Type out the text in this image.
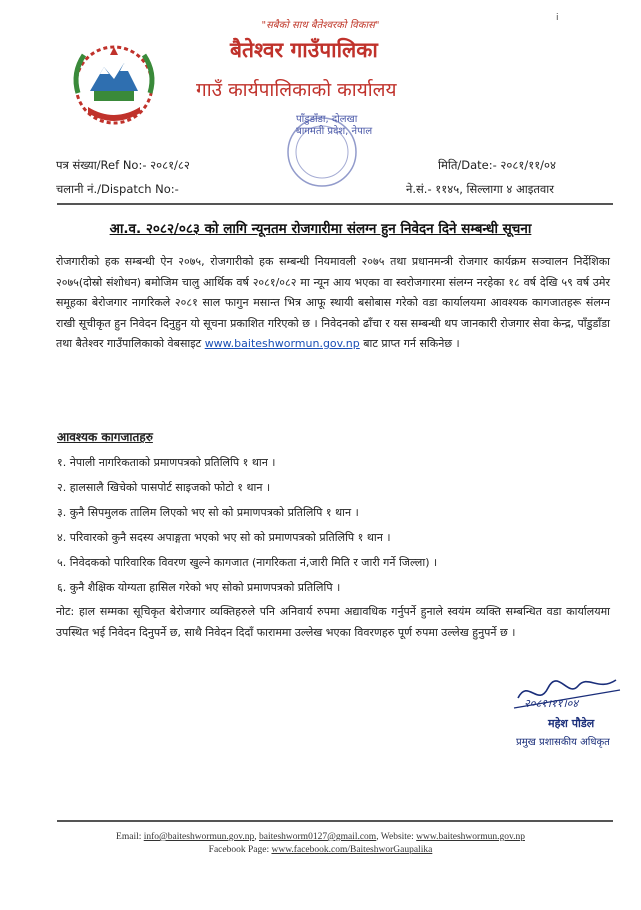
"सबैको साथ बैतेश्वरको विकास"
i
बैतेश्वर गाउँपालिका
गाउँ कार्यपालिकाको कार्यालय
पाँडुडाँडा, दोलखा
बागमती प्रदेश, नेपाल
पत्र संख्या/Ref No:- २०८१/८२	मिति/Date:- २०८१/११/०४
चलानी नं./Dispatch No:-	ने.सं.- ११४५, सिल्लागा ४ आइतवार
आ.व. २०८२/०८३ को लागि न्यूनतम रोजगारीमा संलग्न हुन निवेदन दिने सम्बन्धी सूचना
रोजगारीको हक सम्बन्धी ऐन २०७५, रोजगारीको हक सम्बन्धी नियमावली २०७५ तथा प्रधानमन्त्री रोजगार कार्यक्रम सञ्चालन निर्देशिका २०७५(दोस्रो संशोधन) बमोजिम चालु आर्थिक वर्ष २०८१/०८२ मा न्यून आय भएका वा स्वरोजगारमा संलग्न नरहेका १८ वर्ष देखि ५९ वर्ष उमेर समूहका बेरोजगार नागरिकले २०८१ साल फागुन मसान्त भित्र आफू स्थायी बसोबास गरेको वडा कार्यालयमा आवश्यक कागजातहरू संलग्न राखी सूचीकृत हुन निवेदन दिनुहुन यो सूचना प्रकाशित गरिएको छ । निवेदनको ढाँचा र यस सम्बन्धी थप जानकारी रोजगार सेवा केन्द्र, पाँडुडाँडा तथा बैतेश्वर गाउँपालिकाको वेबसाइट www.baiteshwormun.gov.np बाट प्राप्त गर्न सकिनेछ ।
आवश्यक कागजातहरु
१. नेपाली नागरिकताको प्रमाणपत्रको प्रतिलिपि १ थान ।
२. हालसालै खिचेको पासपोर्ट साइजको फोटो १ थान ।
३. कुनै सिपमुलक तालिम लिएको भए सो को प्रमाणपत्रको प्रतिलिपि १ थान ।
४. परिवारको कुनै सदस्य अपाङ्गता भएको भए सो को प्रमाणपत्रको प्रतिलिपि १ थान ।
५. निवेदकको पारिवारिक विवरण खुल्ने कागजात (नागरिकता नं,जारी मिति र जारी गर्ने जिल्ला) ।
६. कुनै शैक्षिक योग्यता हासिल गरेको भए सोको प्रमाणपत्रको प्रतिलिपि ।
नोट: हाल सम्मका सूचिकृत बेरोजगार व्यक्तिहरुले पनि अनिवार्य रुपमा अद्यावधिक गर्नुपर्ने हुनाले स्वयंम व्यक्ति सम्बन्धित वडा कार्यालयमा उपस्थित भई निवेदन दिनुपर्ने छ, साथै निवेदन दिदाँ फाराममा उल्लेख भएका विवरणहरु पूर्ण रुपमा उल्लेख हुनुपर्ने छ ।
२०८१।११।०४
महेश पौडेल
प्रमुख प्रशासकीय अधिकृत
Email: info@baiteshwormun.gov.np, baiteshworm0127@gmail.com, Website: www.baiteshwormun.gov.np
Facebook Page: www.facebook.com/BaiteshworGaupalika
